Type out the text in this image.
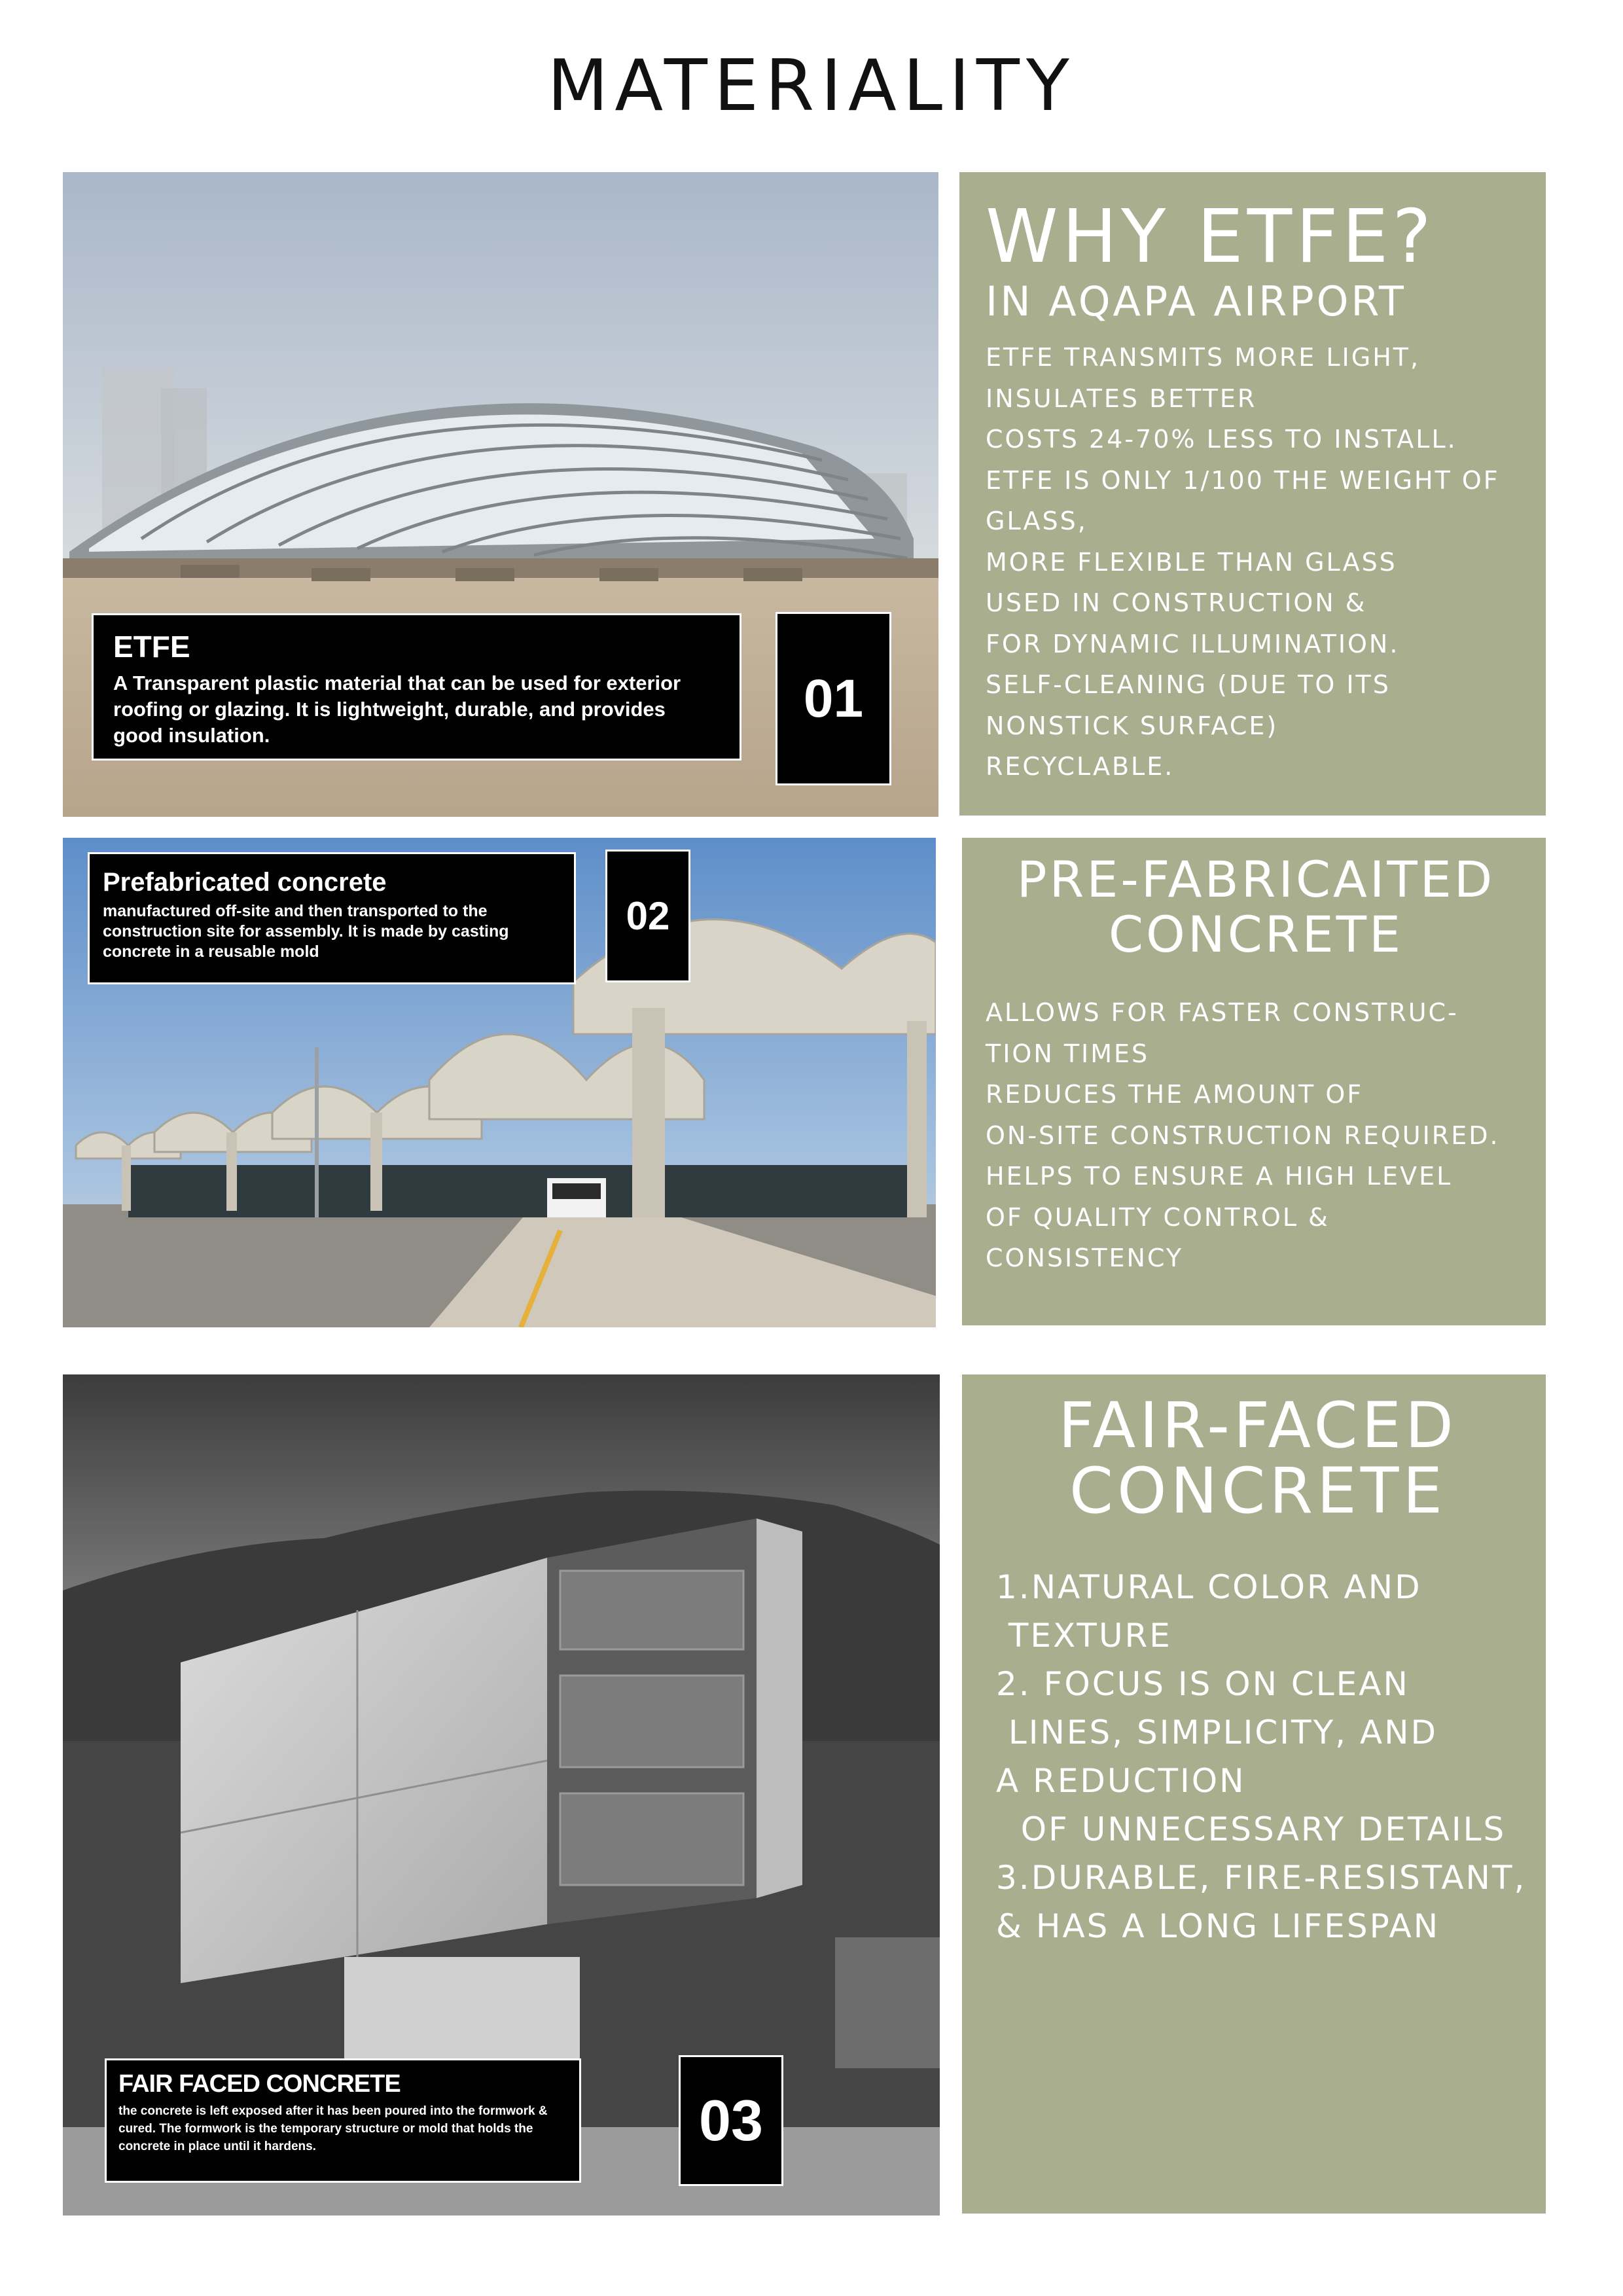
MATERIALITY
ETFE
A Transparent plastic material that can be used for exterior roofing or glazing. It is lightweight, durable, and provides good insulation.
01
WHY ETFE?
IN AQAPA AIRPORT
ETFE TRANSMITS MORE LIGHT,
INSULATES BETTER
COSTS 24-70% LESS TO INSTALL.
ETFE IS ONLY 1/100 THE WEIGHT OF
GLASS,
MORE FLEXIBLE THAN GLASS
USED IN CONSTRUCTION &
FOR DYNAMIC ILLUMINATION.
SELF-CLEANING (DUE TO ITS
NONSTICK SURFACE)
RECYCLABLE.
Prefabricated concrete
manufactured off-site and then transported to the construction site for assembly. It is made by casting concrete in a reusable mold
02
PRE-FABRICAITED
CONCRETE
ALLOWS FOR FASTER CONSTRUC-
TION TIMES
REDUCES THE AMOUNT OF
ON-SITE CONSTRUCTION REQUIRED.
HELPS TO ENSURE A HIGH LEVEL
OF QUALITY CONTROL &
CONSISTENCY
FAIR FACED CONCRETE
the concrete is left exposed after it has been poured into the formwork & cured. The formwork is the temporary structure or mold that holds the concrete in place until it hardens.	03
FAIR-FACED
CONCRETE
1.NATURAL COLOR AND
TEXTURE
2. FOCUS IS ON CLEAN
LINES, SIMPLICITY, AND
A REDUCTION
OF UNNECESSARY DETAILS
3.DURABLE, FIRE-RESISTANT,
& HAS A LONG LIFESPAN
